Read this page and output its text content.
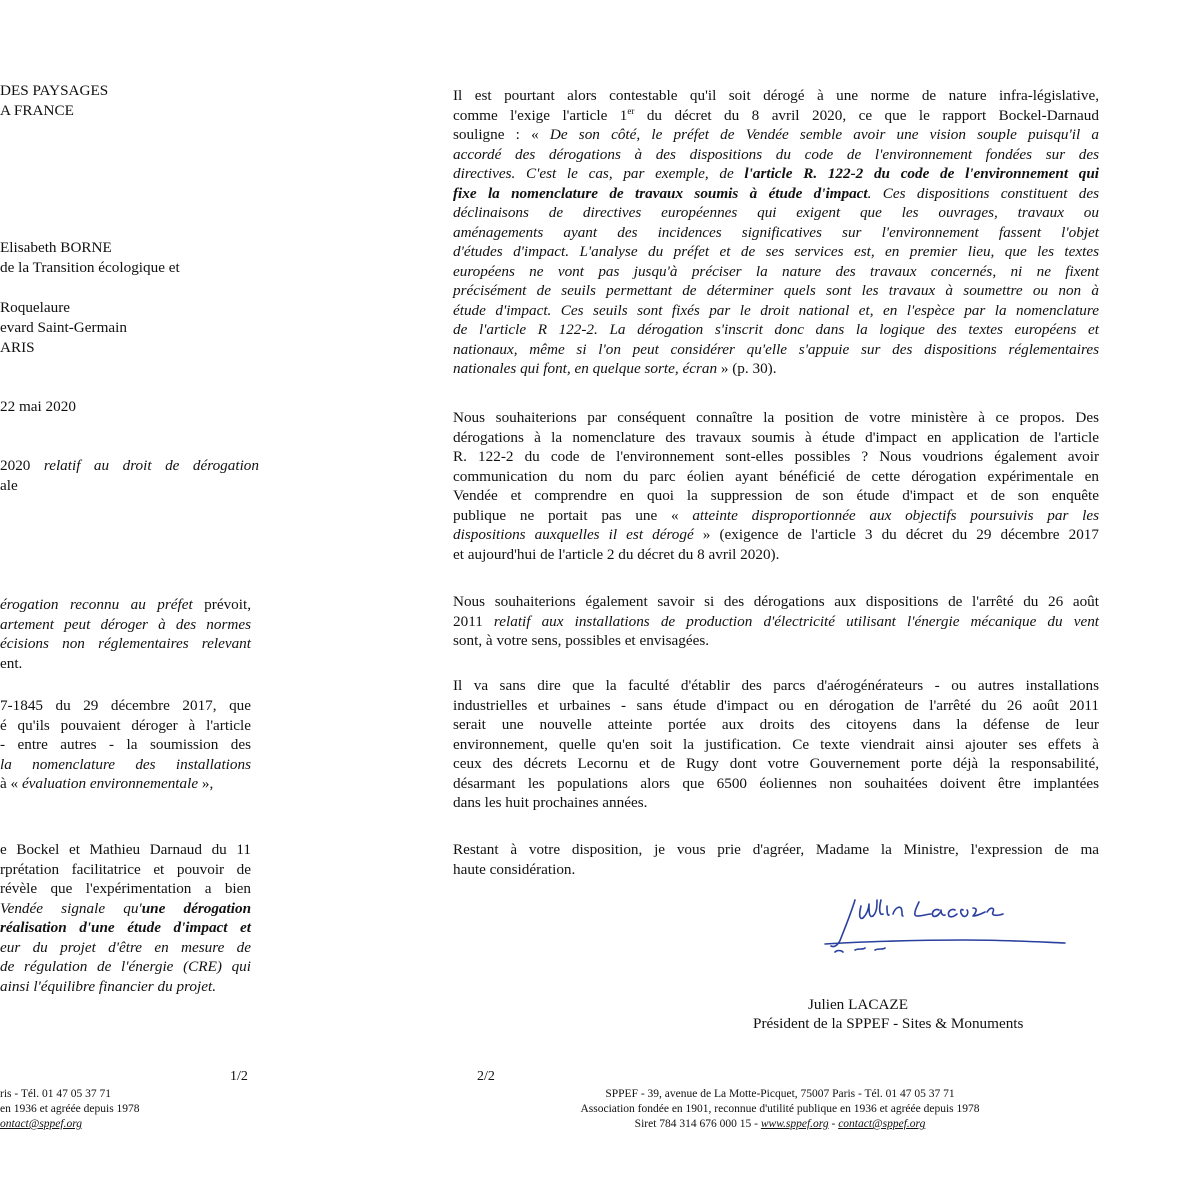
DES PAYSAGES
A FRANCE
Elisabeth BORNE
de la Transition écologique et
Roquelaure
evard Saint-Germain
ARIS
22 mai 2020
2020 relatif au droit de dérogation
ale
érogation reconnu au préfet prévoit,
artement peut déroger à des normes
écisions non réglementaires relevant
ent.
7-1845 du 29 décembre 2017, que
é qu'ils pouvaient déroger à l'article
- entre autres - la soumission des
la nomenclature des installations
à « évaluation environnementale »,
e Bockel et Mathieu Darnaud du 11
rprétation facilitatrice et pouvoir de
révèle que l'expérimentation a bien
Vendée signale qu'une dérogation
réalisation d'une étude d'impact et
eur du projet d'être en mesure de
de régulation de l'énergie (CRE) qui
ainsi l'équilibre financier du projet.
1/2
ris - Tél. 01 47 05 37 71
en 1936 et agréée depuis 1978
ontact@sppef.org
Il est pourtant alors contestable qu'il soit dérogé à une norme de nature infra-législative,
comme l'exige l'article 1er du décret du 8 avril 2020, ce que le rapport Bockel-Darnaud
souligne : « De son côté, le préfet de Vendée semble avoir une vision souple puisqu'il a
accordé des dérogations à des dispositions du code de l'environnement fondées sur des
directives. C'est le cas, par exemple, de l'article R. 122-2 du code de l'environnement qui
fixe la nomenclature de travaux soumis à étude d'impact. Ces dispositions constituent des
déclinaisons de directives européennes qui exigent que les ouvrages, travaux ou
aménagements ayant des incidences significatives sur l'environnement fassent l'objet
d'études d'impact. L'analyse du préfet et de ses services est, en premier lieu, que les textes
européens ne vont pas jusqu'à préciser la nature des travaux concernés, ni ne fixent
précisément de seuils permettant de déterminer quels sont les travaux à soumettre ou non à
étude d'impact. Ces seuils sont fixés par le droit national et, en l'espèce par la nomenclature
de l'article R 122-2. La dérogation s'inscrit donc dans la logique des textes européens et
nationaux, même si l'on peut considérer qu'elle s'appuie sur des dispositions réglementaires
nationales qui font, en quelque sorte, écran » (p. 30).
Nous souhaiterions par conséquent connaître la position de votre ministère à ce propos. Des
dérogations à la nomenclature des travaux soumis à étude d'impact en application de l'article
R. 122-2 du code de l'environnement sont-elles possibles ? Nous voudrions également avoir
communication du nom du parc éolien ayant bénéficié de cette dérogation expérimentale en
Vendée et comprendre en quoi la suppression de son étude d'impact et de son enquête
publique ne portait pas une « atteinte disproportionnée aux objectifs poursuivis par les
dispositions auxquelles il est dérogé » (exigence de l'article 3 du décret du 29 décembre 2017
et aujourd'hui de l'article 2 du décret du 8 avril 2020).
Nous souhaiterions également savoir si des dérogations aux dispositions de l'arrêté du 26 août
2011 relatif aux installations de production d'électricité utilisant l'énergie mécanique du vent
sont, à votre sens, possibles et envisagées.
Il va sans dire que la faculté d'établir des parcs d'aérogénérateurs - ou autres installations
industrielles et urbaines - sans étude d'impact ou en dérogation de l'arrêté du 26 août 2011
serait une nouvelle atteinte portée aux droits des citoyens dans la défense de leur
environnement, quelle qu'en soit la justification. Ce texte viendrait ainsi ajouter ses effets à
ceux des décrets Lecornu et de Rugy dont votre Gouvernement porte déjà la responsabilité,
désarmant les populations alors que 6500 éoliennes non souhaitées doivent être implantées
dans les huit prochaines années.
Restant à votre disposition, je vous prie d'agréer, Madame la Ministre, l'expression de ma
haute considération.
Julien LACAZE
Président de la SPPEF - Sites & Monuments
2/2
SPPEF - 39, avenue de La Motte-Picquet, 75007 Paris - Tél. 01 47 05 37 71
Association fondée en 1901, reconnue d'utilité publique en 1936 et agréée depuis 1978
Siret 784 314 676 000 15 - www.sppef.org - contact@sppef.org
